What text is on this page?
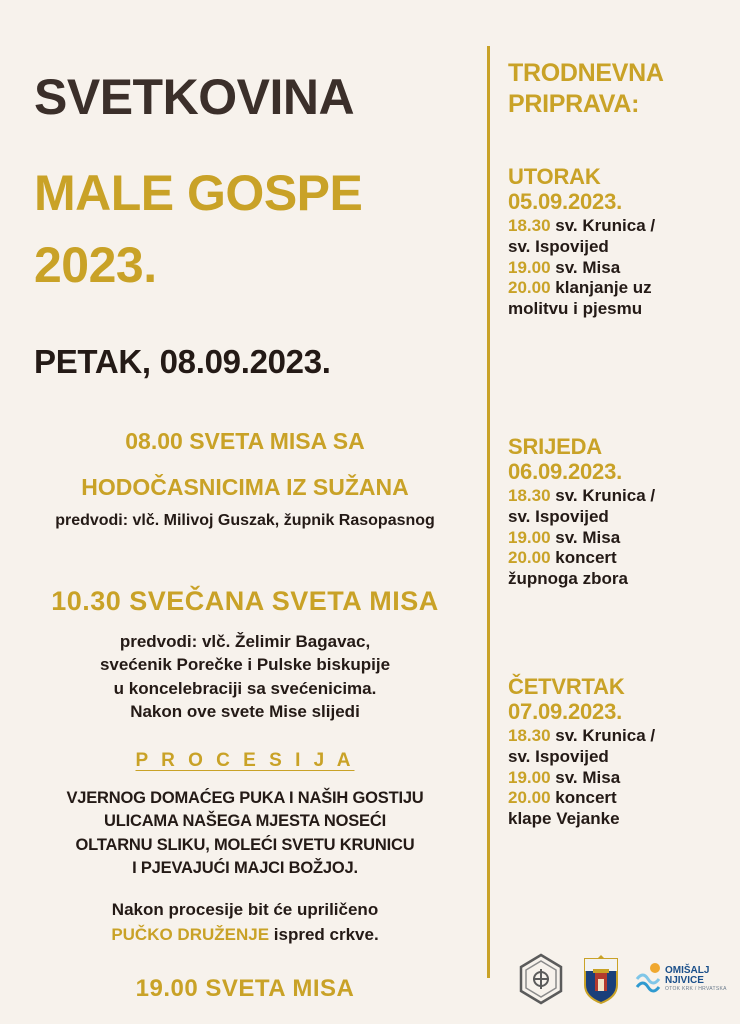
SVETKOVINA
MALE GOSPE
2023.
PETAK, 08.09.2023.
08.00 SVETA MISA SA
HODOČASNICIMA IZ SUŽANA
predvodi: vlč. Milivoj Guszak, župnik Rasopasnog
10.30 SVEČANA SVETA MISA
predvodi: vlč. Želimir Bagavac,
svećenik Porečke i Pulske biskupije
u koncelebraciji sa svećenicima.
Nakon ove svete Mise slijedi
P R O C E S I J A
VJERNOG DOMAĆEG PUKA I NAŠIH GOSTIJU
ULICAMA NAŠEGA MJESTA NOSEĆI
OLTARNU SLIKU, MOLEĆI SVETU KRUNICU
I PJEVAJUĆI MAJCI BOŽJOJ.
Nakon procesije bit će upriličeno
PUČKO DRUŽENJE ispred crkve.
19.00 SVETA MISA
TRODNEVNA
PRIPRAVA:
UTORAK
05.09.2023.
18.30 sv. Krunica /
sv. Ispovijed
19.00 sv. Misa
20.00 klanjanje uz
molitvu i pjesmu
SRIJEDA
06.09.2023.
18.30 sv. Krunica /
sv. Ispovijed
19.00 sv. Misa
20.00 koncert
župnoga zbora
ČETVRTAK
07.09.2023.
18.30 sv. Krunica /
sv. Ispovijed
19.00 sv. Misa
20.00 koncert
klape Vejanke
OMIŠALJ
NJIVICE
OTOK KRK / HRVATSKA
